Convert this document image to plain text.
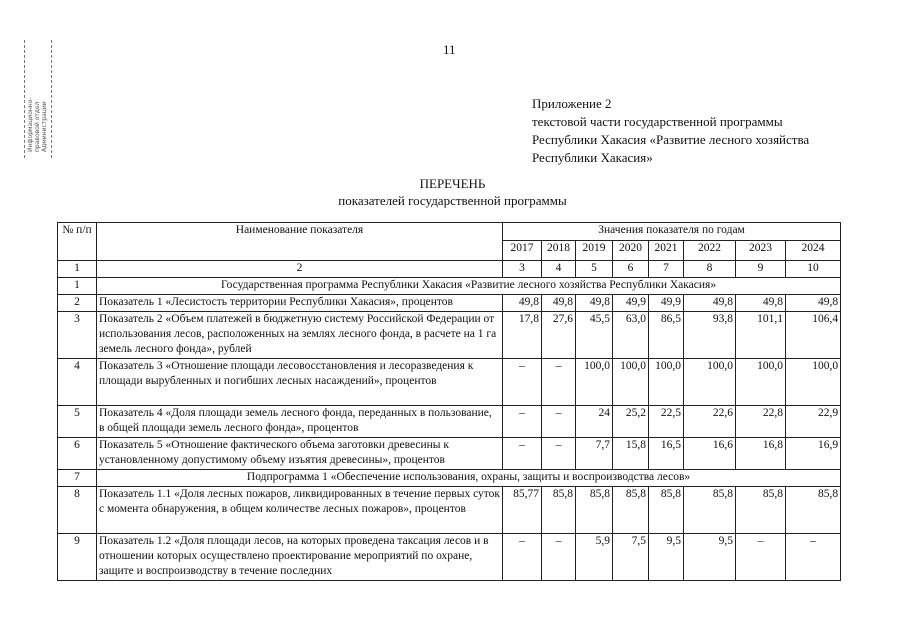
11
Информационно- правовой отдел Администрации	Приложение 2
текстовой части государственной программы
Республики Хакасия «Развитие лесного хозяйства
Республики Хакасия»
ПЕРЕЧЕНЬ
показателей государственной программы
№ п/п	Наименование показателя	Значения показателя по годам							
		2017	2018	2019	2020	2021	2022	2023	2024
1	2	3	4	5	6	7	8	9	10
1	Государственная программа Республики Хакасия «Развитие лесного хозяйства Республики Хакасия»								
2	Показатель 1 «Лесистость территории Республики Хакасия», процентов	49,8	49,8	49,8	49,9	49,9	49,8	49,8	49,8
3	Показатель 2 «Объем платежей в бюджетную систему Российской Федерации от использования лесов, расположенных на землях лесного фонда, в расчете на 1 га земель лесного фонда», рублей	17,8	27,6	45,5	63,0	86,5	93,8	101,1	106,4
4	Показатель 3 «Отношение площади лесовосстановления и лесоразведения к площади вырубленных и погибших лесных насаждений», процентов	–	–	100,0	100,0	100,0	100,0	100,0	100,0
5	Показатель 4 «Доля площади земель лесного фонда, переданных в пользование, в общей площади земель лесного фонда», процентов	–	–	24	25,2	22,5	22,6	22,8	22,9
6	Показатель 5 «Отношение фактического объема заготовки древесины к установленному допустимому объему изъятия древесины», процентов	–	–	7,7	15,8	16,5	16,6	16,8	16,9
7	Подпрограмма 1 «Обеспечение использования, охраны, защиты и воспроизводства лесов»								
8	Показатель 1.1 «Доля лесных пожаров, ликвидированных в течение первых суток с момента обнаружения, в общем количестве лесных пожаров», процентов	85,77	85,8	85,8	85,8	85,8	85,8	85,8	85,8
9	Показатель 1.2 «Доля площади лесов, на которых проведена таксация лесов и в отношении которых осуществлено проектирование мероприятий по охране, защите и воспроизводству в течение последних	–	–	5,9	7,5	9,5	9,5	–	–
